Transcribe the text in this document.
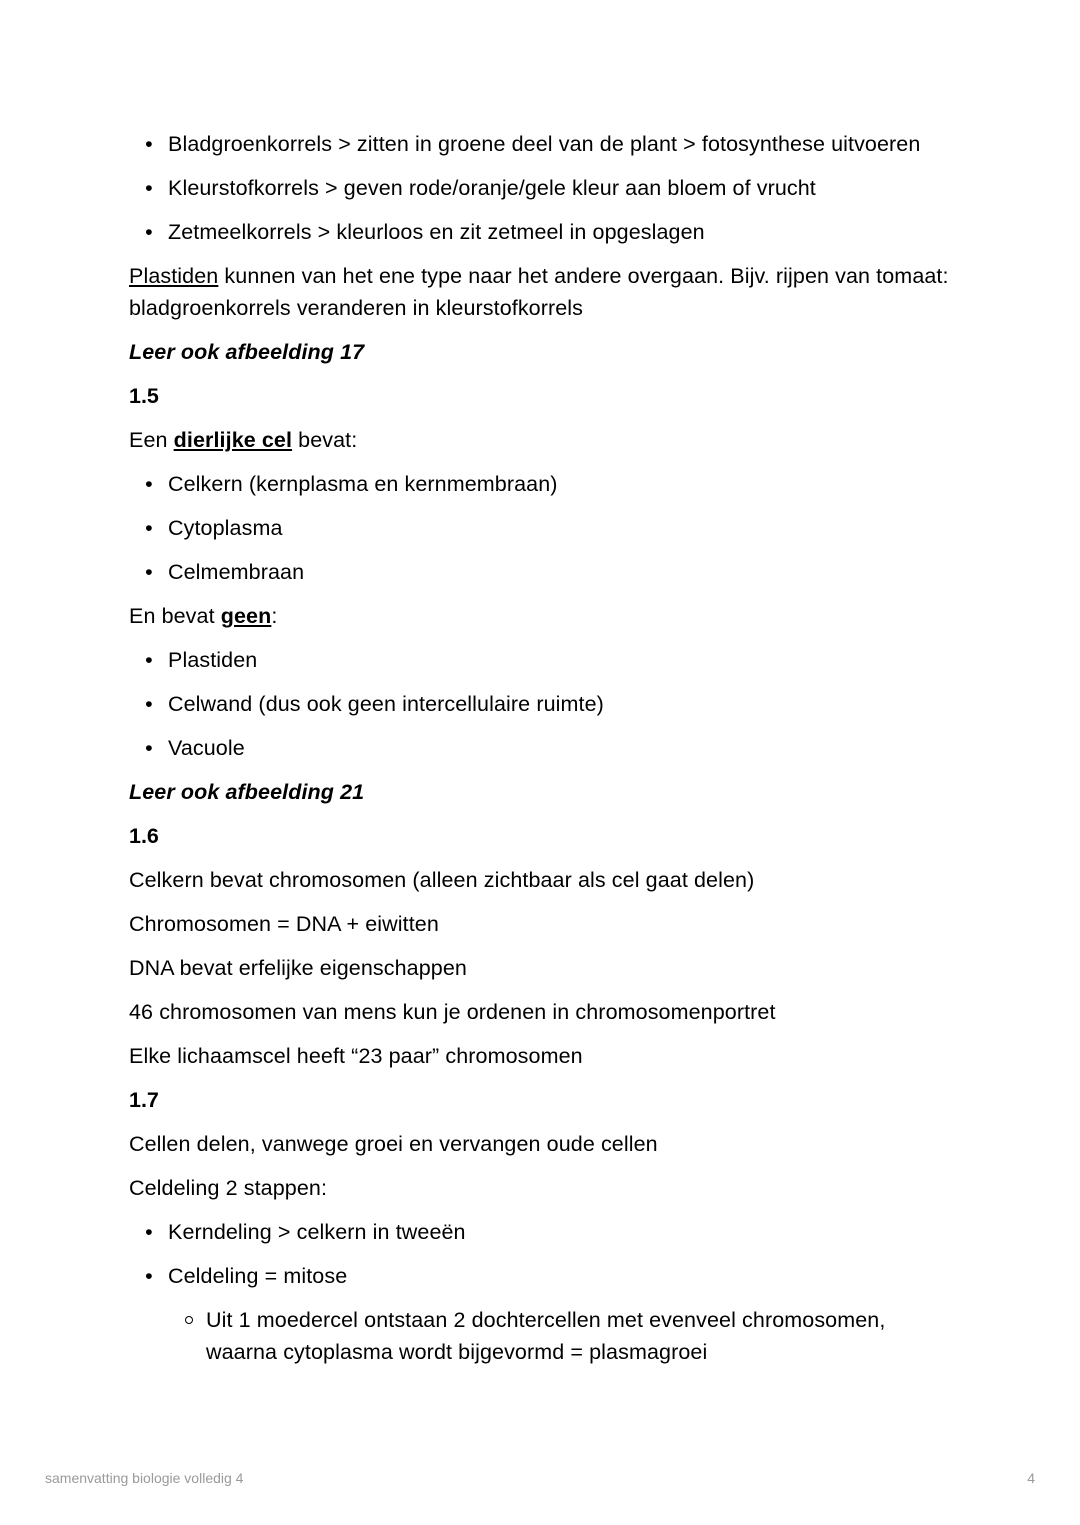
• Bladgroenkorrels > zitten in groene deel van de plant > fotosynthese uitvoeren
• Kleurstofkorrels > geven rode/oranje/gele kleur aan bloem of vrucht
• Zetmeelkorrels > kleurloos en zit zetmeel in opgeslagen

Plastiden kunnen van het ene type naar het andere overgaan. Bijv. rijpen van tomaat: bladgroenkorrels veranderen in kleurstofkorrels

Leer ook afbeelding 17

1.5

Een dierlijke cel bevat:

• Celkern (kernplasma en kernmembraan)
• Cytoplasma
• Celmembraan

En bevat geen:

• Plastiden
• Celwand (dus ook geen intercellulaire ruimte)
• Vacuole

Leer ook afbeelding 21

1.6

Celkern bevat chromosomen (alleen zichtbaar als cel gaat delen)

Chromosomen = DNA + eiwitten

DNA bevat erfelijke eigenschappen

46 chromosomen van mens kun je ordenen in chromosomenportret

Elke lichaamscel heeft “23 paar” chromosomen

1.7

Cellen delen, vanwege groei en vervangen oude cellen

Celdeling 2 stappen:

• Kerndeling > celkern in tweeën
• Celdeling = mitose
Uit 1 moedercel ontstaan 2 dochtercellen met evenveel chromosomen, waarna cytoplasma wordt bijgevormd = plasmagroei
samenvatting biologie volledig 4	4
